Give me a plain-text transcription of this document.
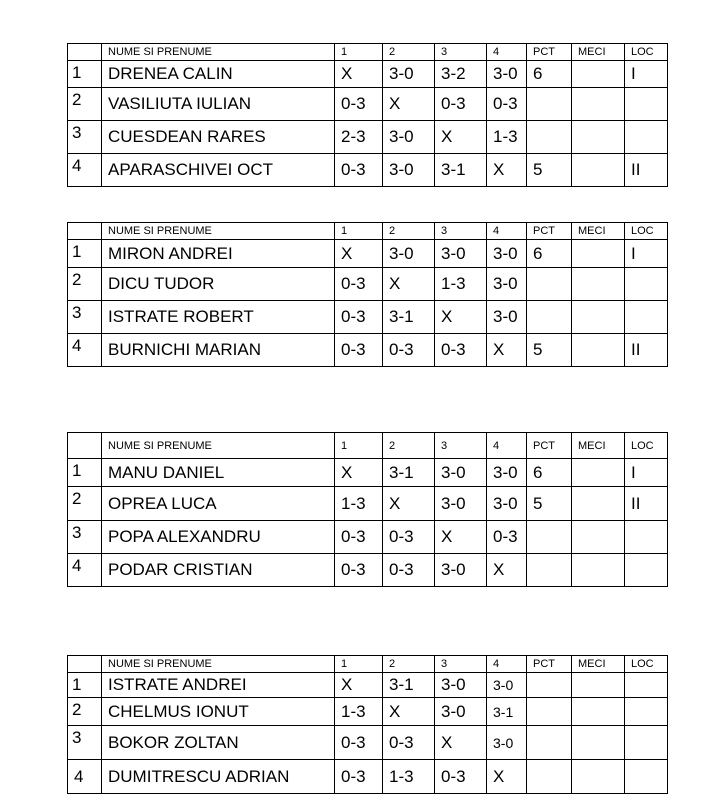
	NUME SI PRENUME	1	2	3	4	PCT	MECI	LOC
1	DRENEA CALIN	X	3-0	3-2	3-0	6		I
2	VASILIUTA IULIAN	0-3	X	0-3	0-3			
3	CUESDEAN RARES	2-3	3-0	X	1-3			
4	APARASCHIVEI OCT	0-3	3-0	3-1	X	5		II
	NUME SI PRENUME	1	2	3	4	PCT	MECI	LOC
1	MIRON ANDREI	X	3-0	3-0	3-0	6		I
2	DICU TUDOR	0-3	X	1-3	3-0			
3	ISTRATE ROBERT	0-3	3-1	X	3-0			
4	BURNICHI MARIAN	0-3	0-3	0-3	X	5		II
	NUME SI PRENUME	1	2	3	4	PCT	MECI	LOC
1	MANU DANIEL	X	3-1	3-0	3-0	6		I
2	OPREA LUCA	1-3	X	3-0	3-0	5		II
3	POPA ALEXANDRU	0-3	0-3	X	0-3			
4	PODAR CRISTIAN	0-3	0-3	3-0	X			
	NUME SI PRENUME	1	2	3	4	PCT	MECI	LOC
1	ISTRATE ANDREI	X	3-1	3-0	3-0			
2	CHELMUS IONUT	1-3	X	3-0	3-1			
3	BOKOR ZOLTAN	0-3	0-3	X	3-0			
4	DUMITRESCU ADRIAN	0-3	1-3	0-3	X			
